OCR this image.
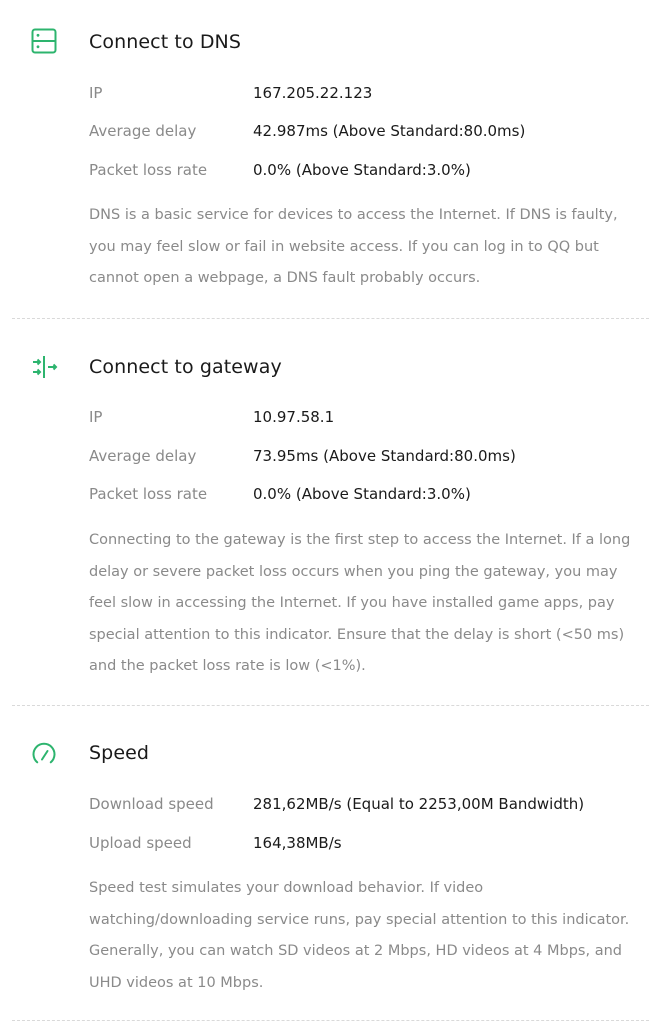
Connect to DNS
IP	167.205.22.123
Average delay	42.987ms (Above Standard:80.0ms)
Packet loss rate	0.0% (Above Standard:3.0%)
DNS is a basic service for devices to access the Internet. If DNS is faulty, you may feel slow or fail in website access. If you can log in to QQ but cannot open a webpage, a DNS fault probably occurs.
Connect to gateway
IP	10.97.58.1
Average delay	73.95ms (Above Standard:80.0ms)
Packet loss rate	0.0% (Above Standard:3.0%)
Connecting to the gateway is the first step to access the Internet. If a long delay or severe packet loss occurs when you ping the gateway, you may feel slow in accessing the Internet. If you have installed game apps, pay special attention to this indicator. Ensure that the delay is short (<50 ms) and the packet loss rate is low (<1%).
Speed
Download speed	281,62MB/s (Equal to 2253,00M Bandwidth)
Upload speed	164,38MB/s
Speed test simulates your download behavior. If video watching/downloading service runs, pay special attention to this indicator. Generally, you can watch SD videos at 2 Mbps, HD videos at 4 Mbps, and UHD videos at 10 Mbps.
